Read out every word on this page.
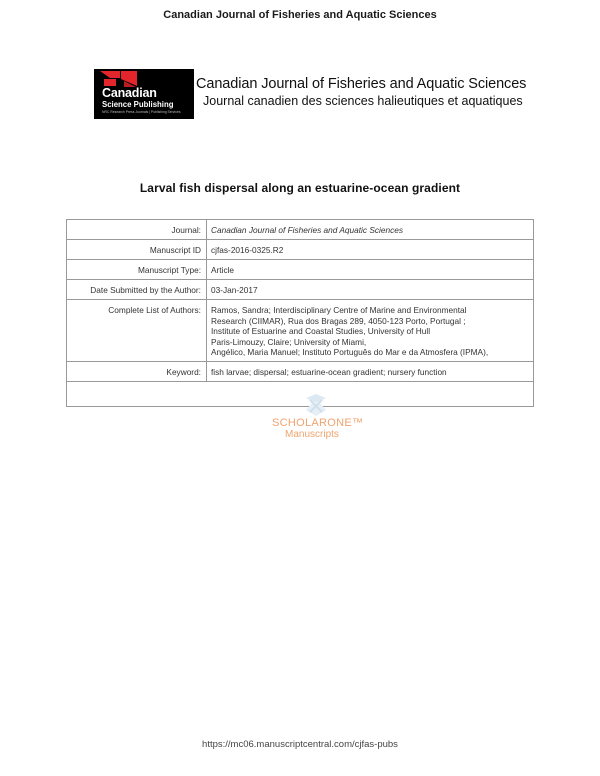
Canadian Journal of Fisheries and Aquatic Sciences
Canadian
Science Publishing
NRC Research Press Journals | Publishing Services
Canadian Journal of Fisheries and Aquatic Sciences
Journal canadien des sciences halieutiques et aquatiques
Larval fish dispersal along an estuarine-ocean gradient
Journal:	Canadian Journal of Fisheries and Aquatic Sciences
Manuscript ID	cjfas-2016-0325.R2
Manuscript Type:	Article
Date Submitted by the Author:	03-Jan-2017
Complete List of Authors:	Ramos, Sandra; Interdisciplinary Centre of Marine and Environmental
Research (CIIMAR), Rua dos Bragas 289, 4050-123 Porto, Portugal ;
Institute of Estuarine and Coastal Studies, University of Hull
Paris-Limouzy, Claire; University of Miami,
Angélico, Maria Manuel; Instituto Português do Mar e da Atmosfera (IPMA),

Keyword:	fish larvae; dispersal; estuarine-ocean gradient; nursery function

SCHOLARONE™
Manuscripts
https://mc06.manuscriptcentral.com/cjfas-pubs
